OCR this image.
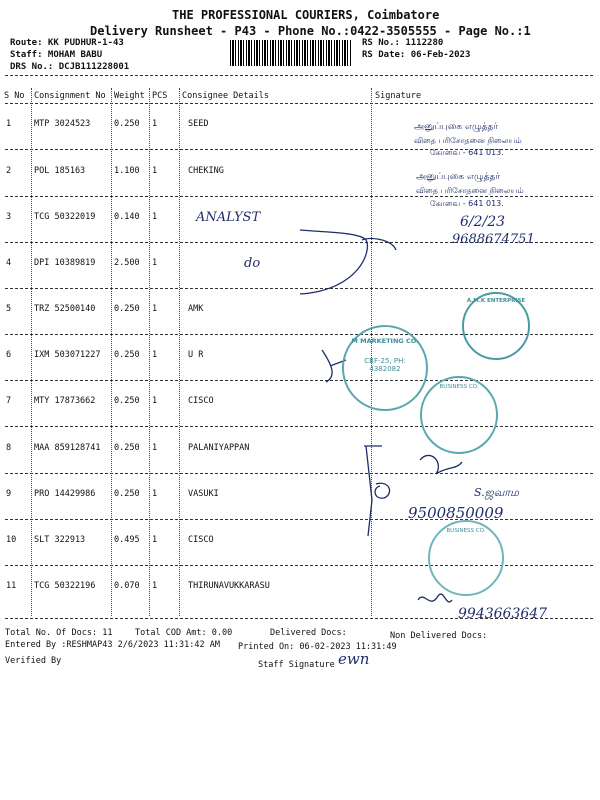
THE PROFESSIONAL COURIERS, Coimbatore
Delivery Runsheet - P43 - Phone No.:0422-3505555 - Page No.:1
Route: KK PUDHUR-1-43
Staff: MOHAM BABU
DRS No.: DCJB111228001
RS No.: 1112280
RS Date: 06-Feb-2023
S No Consignment No Weight PCS Consignee Details	Signature
1	MTP 3024523	0.250 1	SEED
2	POL 185163	1.100 1	CHEKING
3	TCG 50322019 0.140 1
4	DPI 10389819 2.500 1
5	TRZ 52500140 0.250 1	AMK
6	IXM 503071227 0.250 1	U R
7	MTY 17873662 0.250 1	CISCO
8	MAA 859128741 0.250 1	PALANIYAPPAN
9	PRO 14429986 0.250 1	VASUKI
10 SLT 322913	0.495 1	CISCO
11 TCG 50322196 0.070 1	THIRUNAVUKKARASU
அனுப்புகை எழுத்தர்
விதை பரிசோதனை நிலையம்
கோவை - 641 013.
அனுப்புகை எழுத்தர்
விதை பரிசோதனை நிலையம்
கோவை - 641 013.
ANALYST	6/2/23
9688674751
do
A.M.K ENTERPRISE
M MARKETING CO.
CBF-25, PH: 4382082
BUSINESS CO.
BUSINESS CO.
S.ஜவாம
9500850009
9943663647
Total No. Of Docs: 11	Total COD Amt: 0.00	Delivered Docs:	Non Delivered Docs:
Entered By :RESHMAP43 2/6/2023 11:31:42 AM Printed On: 06-02-2023 11:31:49
Verified By	Staff Signature ewn
